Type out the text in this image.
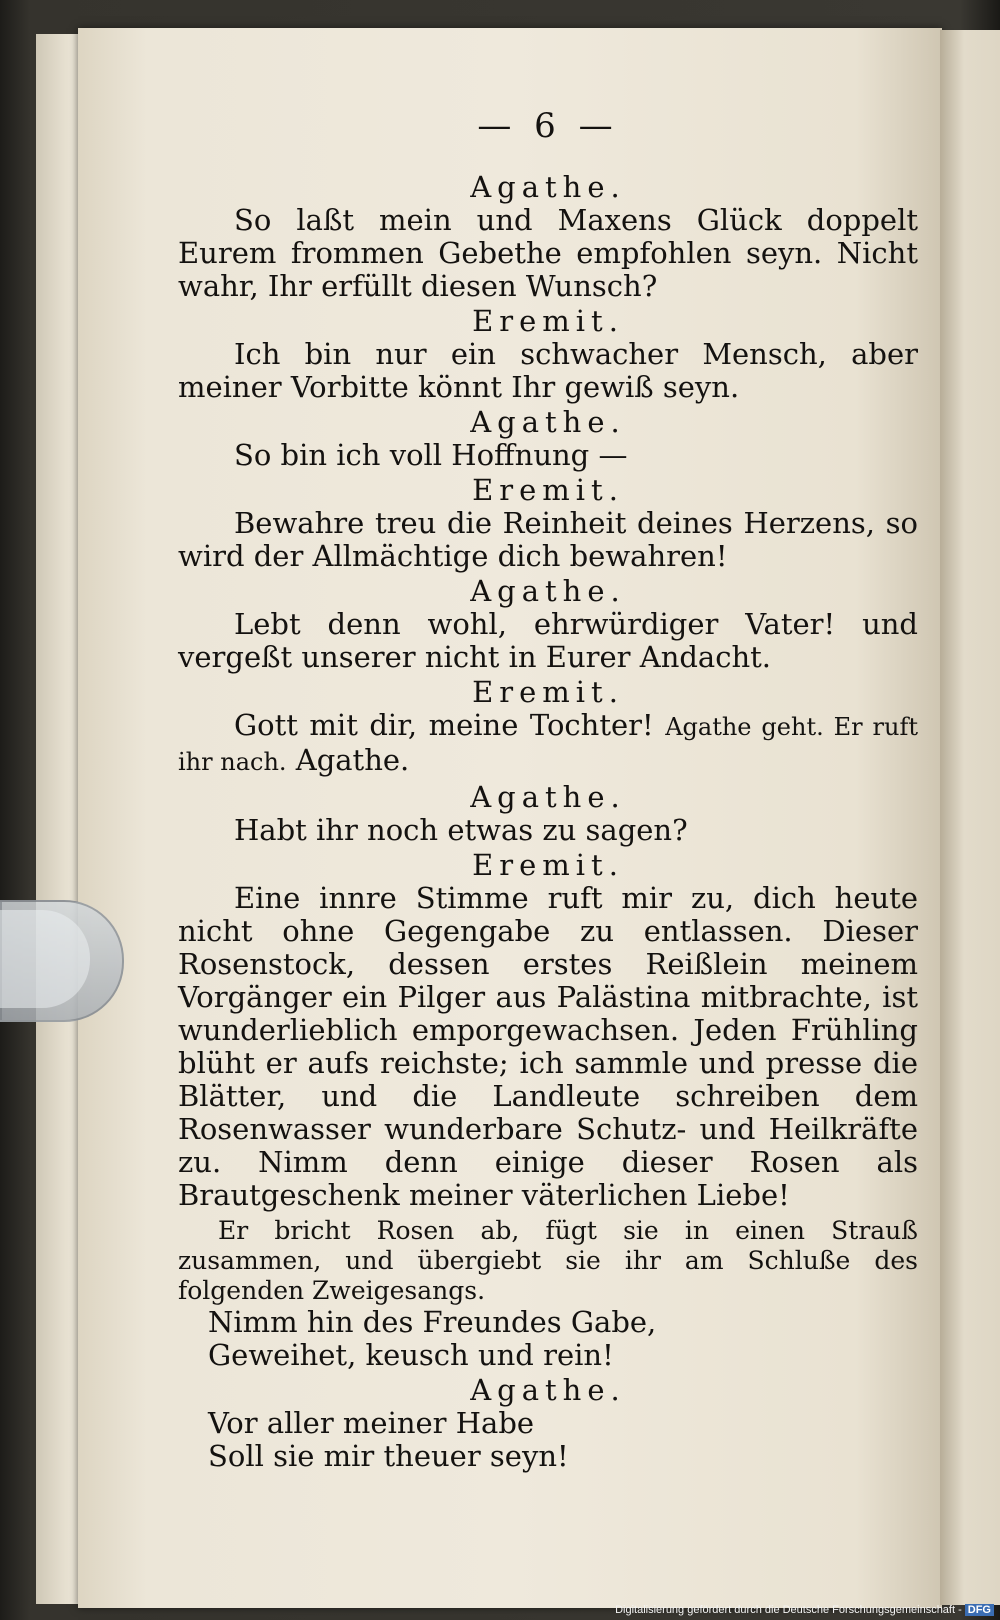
— 6 —
Agathe.
So laßt mein und Maxens Glück doppelt Eurem frommen Gebethe empfohlen seyn. Nicht wahr, Ihr erfüllt diesen Wunsch?
Eremit.
Ich bin nur ein schwacher Mensch, aber meiner Vorbitte könnt Ihr gewiß seyn.
Agathe.
So bin ich voll Hoffnung —
Eremit.
Bewahre treu die Reinheit deines Herzens, so wird der Allmächtige dich bewahren!
Agathe.
Lebt denn wohl, ehrwürdiger Vater! und vergeßt unserer nicht in Eurer Andacht.
Eremit.
Gott mit dir, meine Tochter! Agathe geht. Er ruft ihr nach. Agathe.
Agathe.
Habt ihr noch etwas zu sagen?
Eremit.
Eine innre Stimme ruft mir zu, dich heute nicht ohne Gegengabe zu entlassen. Dieser Rosenstock, dessen erstes Reißlein meinem Vorgänger ein Pilger aus Palästina mitbrachte, ist wunderlieblich emporgewachsen. Jeden Frühling blüht er aufs reichste; ich sammle und presse die Blätter, und die Landleute schreiben dem Rosenwasser wunderbare Schutz- und Heilkräfte zu. Nimm denn einige dieser Rosen als Brautgeschenk meiner väterlichen Liebe!
Er bricht Rosen ab, fügt sie in einen Strauß zusammen, und übergiebt sie ihr am Schluße des folgenden Zweigesangs.
Nimm hin des Freundes Gabe,
Geweihet, keusch und rein!
Agathe.
Vor aller meiner Habe
Soll sie mir theuer seyn!
Digitalisierung gefördert durch die Deutsche Forschungsgemeinschaft - DFG
